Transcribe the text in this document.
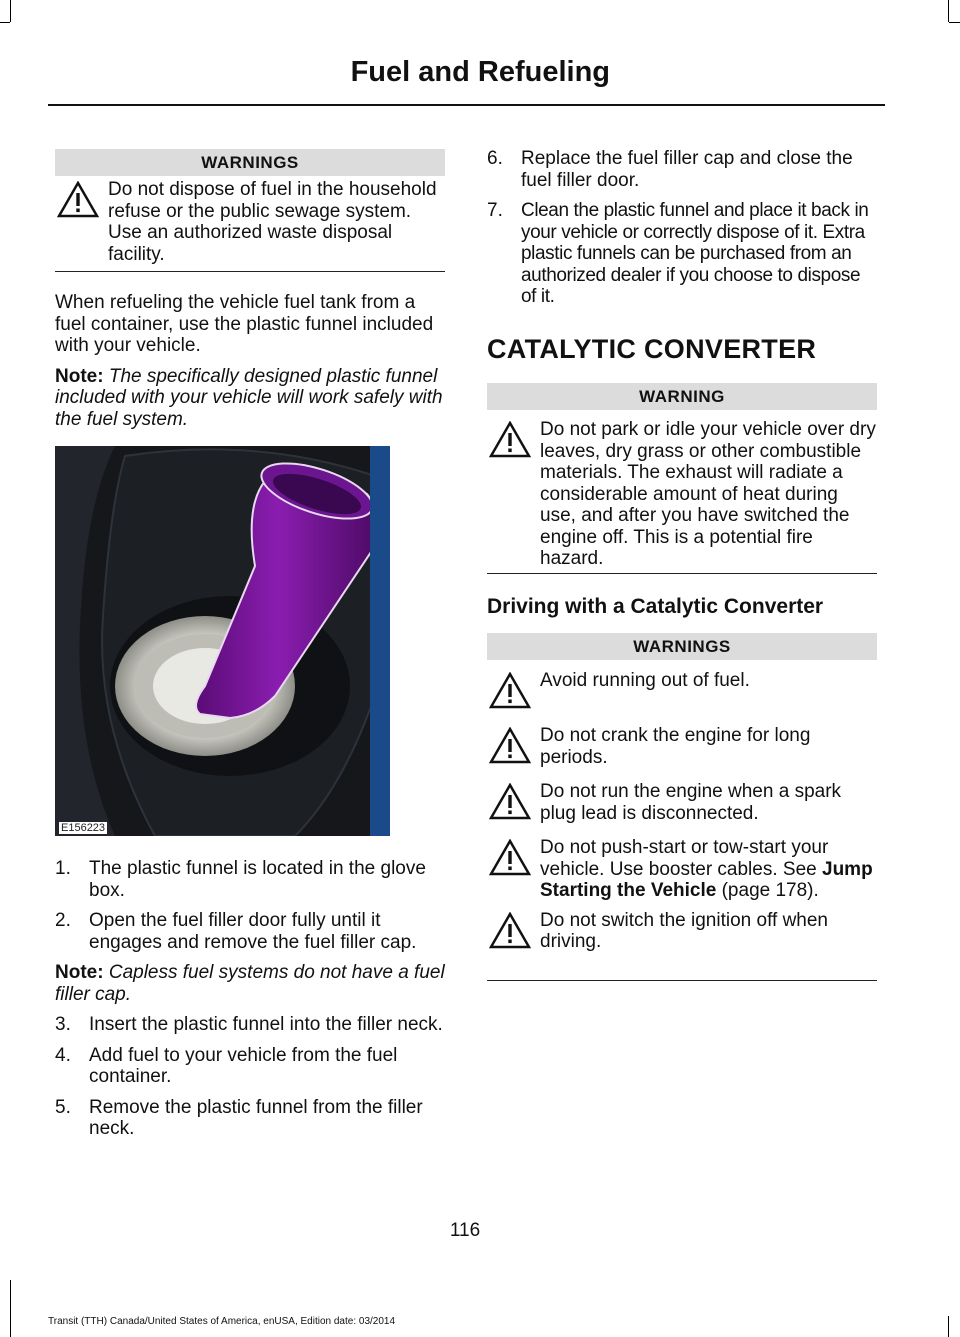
Fuel and Refueling
WARNINGS
Do not dispose of fuel in the household refuse or the public sewage system. Use an authorized waste disposal facility.

When refueling the vehicle fuel tank from a fuel container, use the plastic funnel included with your vehicle.

Note: The specifically designed plastic funnel included with your vehicle will work safely with the fuel system.

E156223
1. The plastic funnel is located in the glove box.
2. Open the fuel filler door fully until it engages and remove the fuel filler cap.

Note: Capless fuel systems do not have a fuel filler cap.

3. Insert the plastic funnel into the filler neck.
4. Add fuel to your vehicle from the fuel container.
5. Remove the plastic funnel from the filler neck.
6. Replace the fuel filler cap and close the fuel filler door.
7. Clean the plastic funnel and place it back in your vehicle or correctly dispose of it. Extra plastic funnels can be purchased from an authorized dealer if you choose to dispose of it.
CATALYTIC CONVERTER
WARNING
Do not park or idle your vehicle over dry leaves, dry grass or other combustible materials. The exhaust will radiate a considerable amount of heat during use, and after you have switched the engine off. This is a potential fire hazard.
Driving with a Catalytic Converter
WARNINGS
Avoid running out of fuel.
Do not crank the engine for long periods.
Do not run the engine when a spark plug lead is disconnected.
Do not push-start or tow-start your vehicle. Use booster cables. See Jump Starting the Vehicle (page 178).
Do not switch the ignition off when driving.
116
Transit (TTH) Canada/United States of America, enUSA, Edition date: 03/2014
